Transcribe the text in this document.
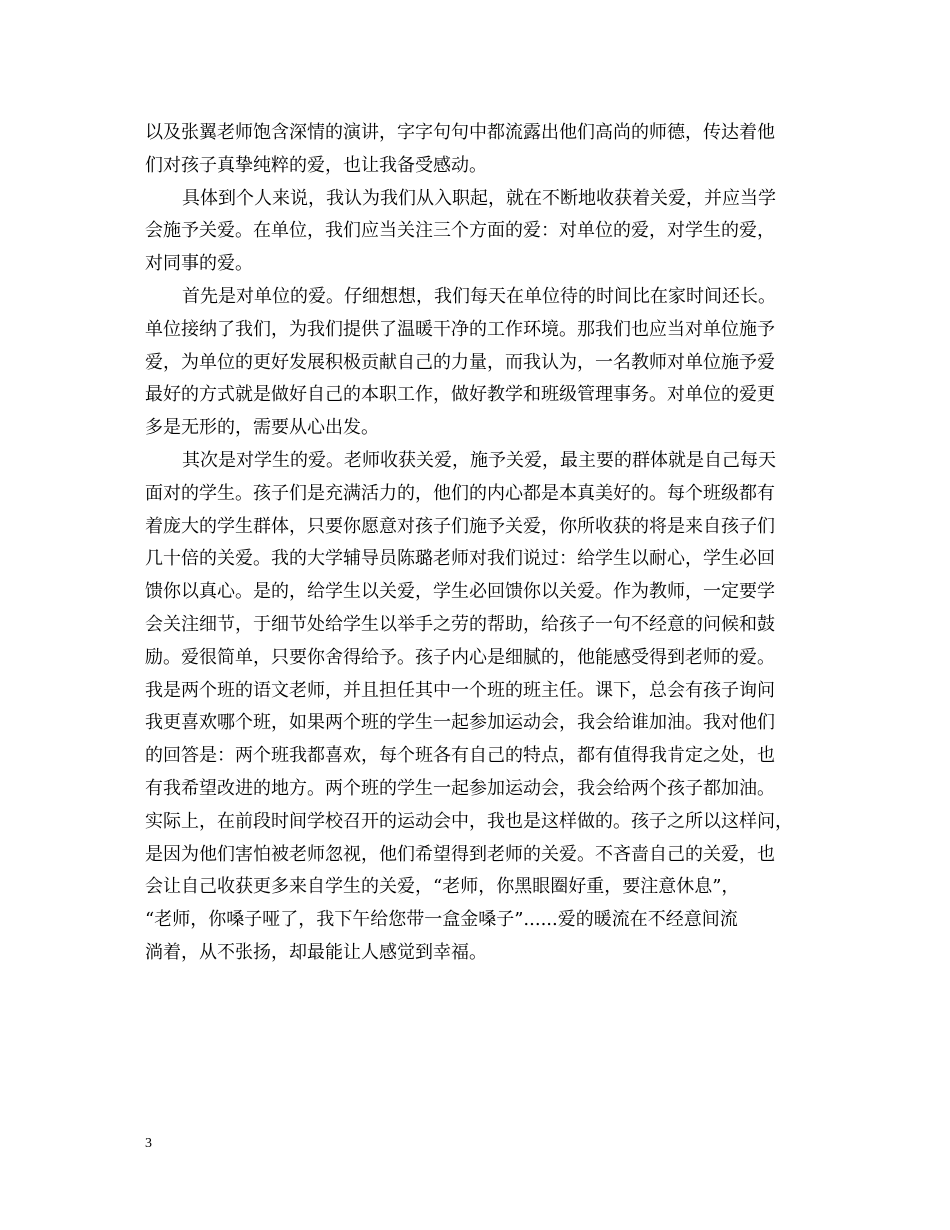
以及张翼老师饱含深情的演讲，字字句句中都流露出他们高尚的师德，传达着他
们对孩子真挚纯粹的爱，也让我备受感动。
具体到个人来说，我认为我们从入职起，就在不断地收获着关爱，并应当学
会施予关爱。在单位，我们应当关注三个方面的爱：对单位的爱，对学生的爱，
对同事的爱。
首先是对单位的爱。仔细想想，我们每天在单位待的时间比在家时间还长。
单位接纳了我们，为我们提供了温暖干净的工作环境。那我们也应当对单位施予
爱，为单位的更好发展积极贡献自己的力量，而我认为，一名教师对单位施予爱
最好的方式就是做好自己的本职工作，做好教学和班级管理事务。对单位的爱更
多是无形的，需要从心出发。
其次是对学生的爱。老师收获关爱，施予关爱，最主要的群体就是自己每天
面对的学生。孩子们是充满活力的，他们的内心都是本真美好的。每个班级都有
着庞大的学生群体，只要你愿意对孩子们施予关爱，你所收获的将是来自孩子们
几十倍的关爱。我的大学辅导员陈璐老师对我们说过：给学生以耐心，学生必回
馈你以真心。是的，给学生以关爱，学生必回馈你以关爱。作为教师，一定要学
会关注细节，于细节处给学生以举手之劳的帮助，给孩子一句不经意的问候和鼓
励。爱很简单，只要你舍得给予。孩子内心是细腻的，他能感受得到老师的爱。
我是两个班的语文老师，并且担任其中一个班的班主任。课下，总会有孩子询问
我更喜欢哪个班，如果两个班的学生一起参加运动会，我会给谁加油。我对他们
的回答是：两个班我都喜欢，每个班各有自己的特点，都有值得我肯定之处，也
有我希望改进的地方。两个班的学生一起参加运动会，我会给两个孩子都加油。
实际上，在前段时间学校召开的运动会中，我也是这样做的。孩子之所以这样问，
是因为他们害怕被老师忽视，他们希望得到老师的关爱。不吝啬自己的关爱，也
会让自己收获更多来自学生的关爱，“老师，你黑眼圈好重，要注意休息”，
“老师，你嗓子哑了，我下午给您带一盒金嗓子”......爱的暖流在不经意间流
淌着，从不张扬，却最能让人感觉到幸福。
3
